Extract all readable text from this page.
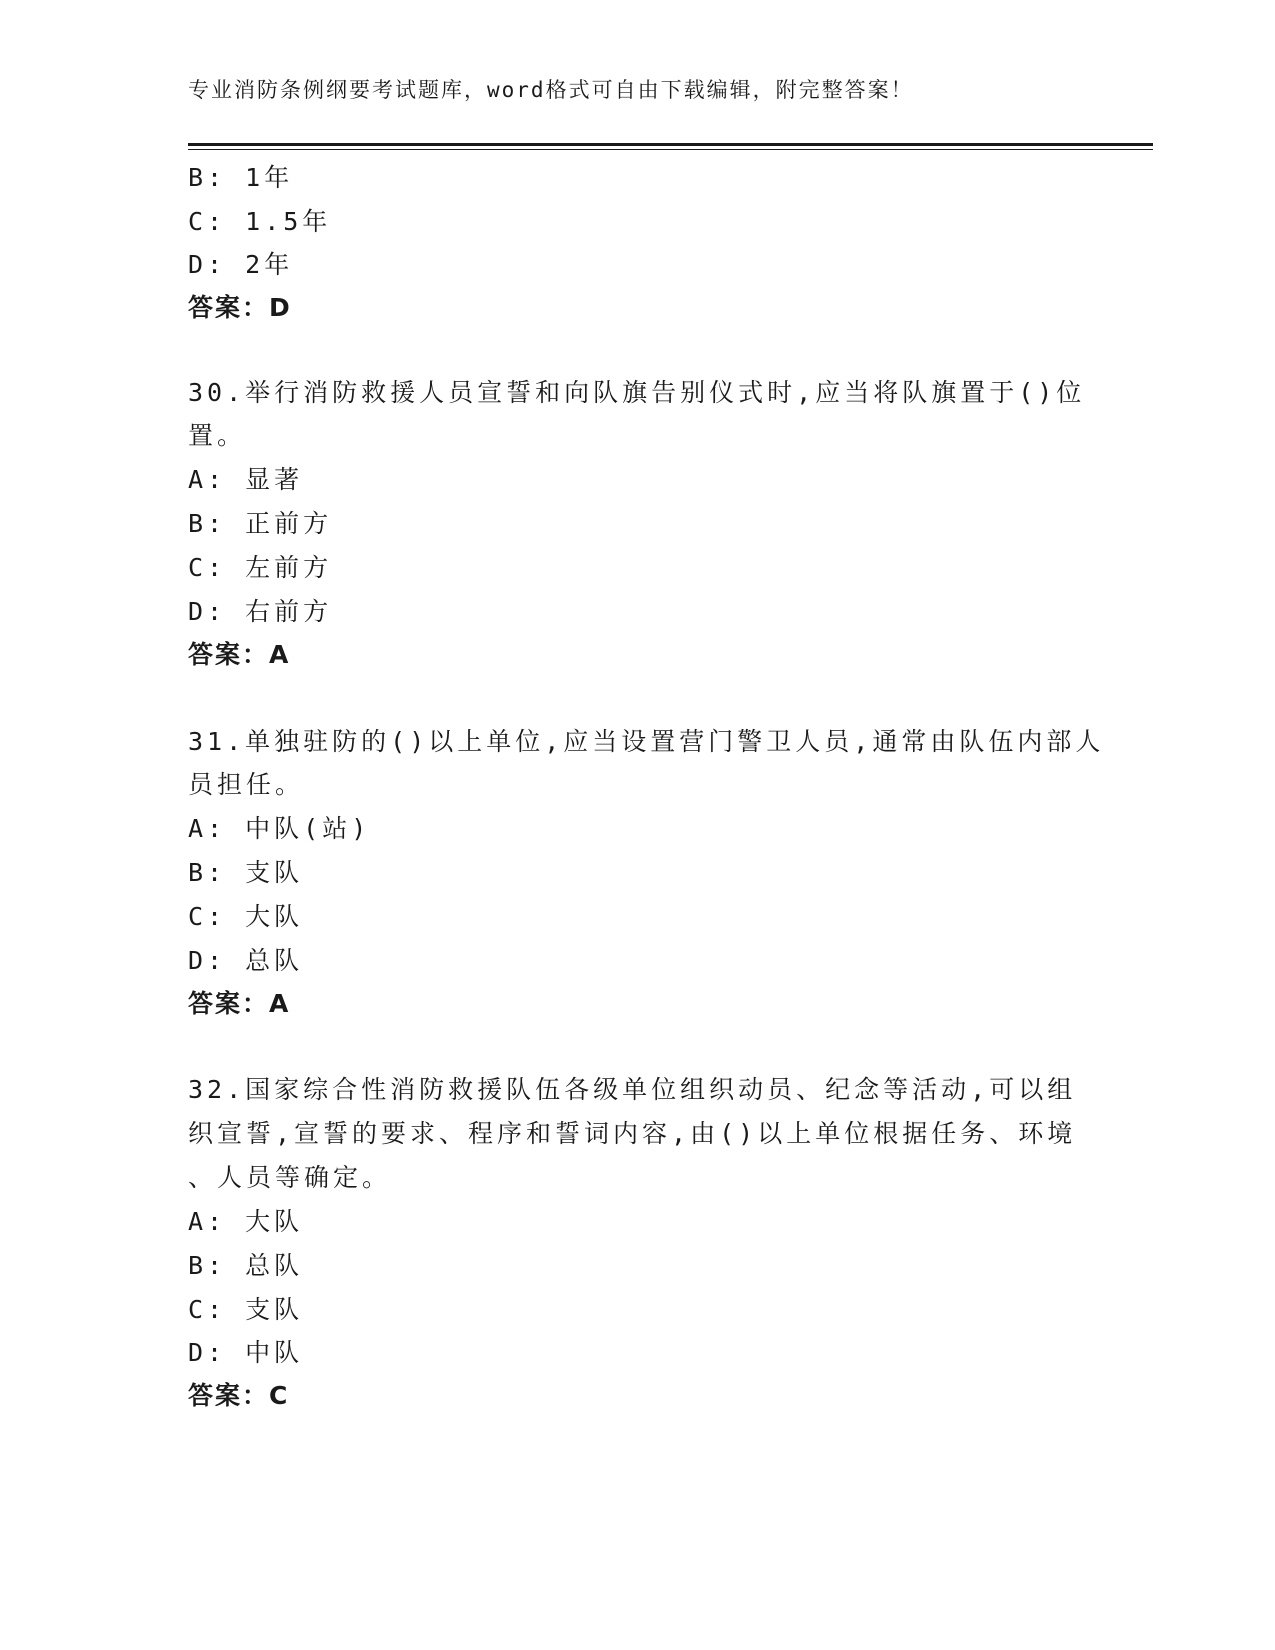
专业消防条例纲要考试题库，word格式可自由下载编辑，附完整答案！
B: 1年
C: 1.5年
D: 2年
答案：D
30.举行消防救援人员宣誓和向队旗告别仪式时,应当将队旗置于()位
置。
A: 显著
B: 正前方
C: 左前方
D: 右前方
答案：A
31.单独驻防的()以上单位,应当设置营门警卫人员,通常由队伍内部人
员担任。
A: 中队(站)
B: 支队
C: 大队
D: 总队
答案：A
32.国家综合性消防救援队伍各级单位组织动员、纪念等活动,可以组
织宣誓,宣誓的要求、程序和誓词内容,由()以上单位根据任务、环境
、人员等确定。
A: 大队
B: 总队
C: 支队
D: 中队
答案：C
